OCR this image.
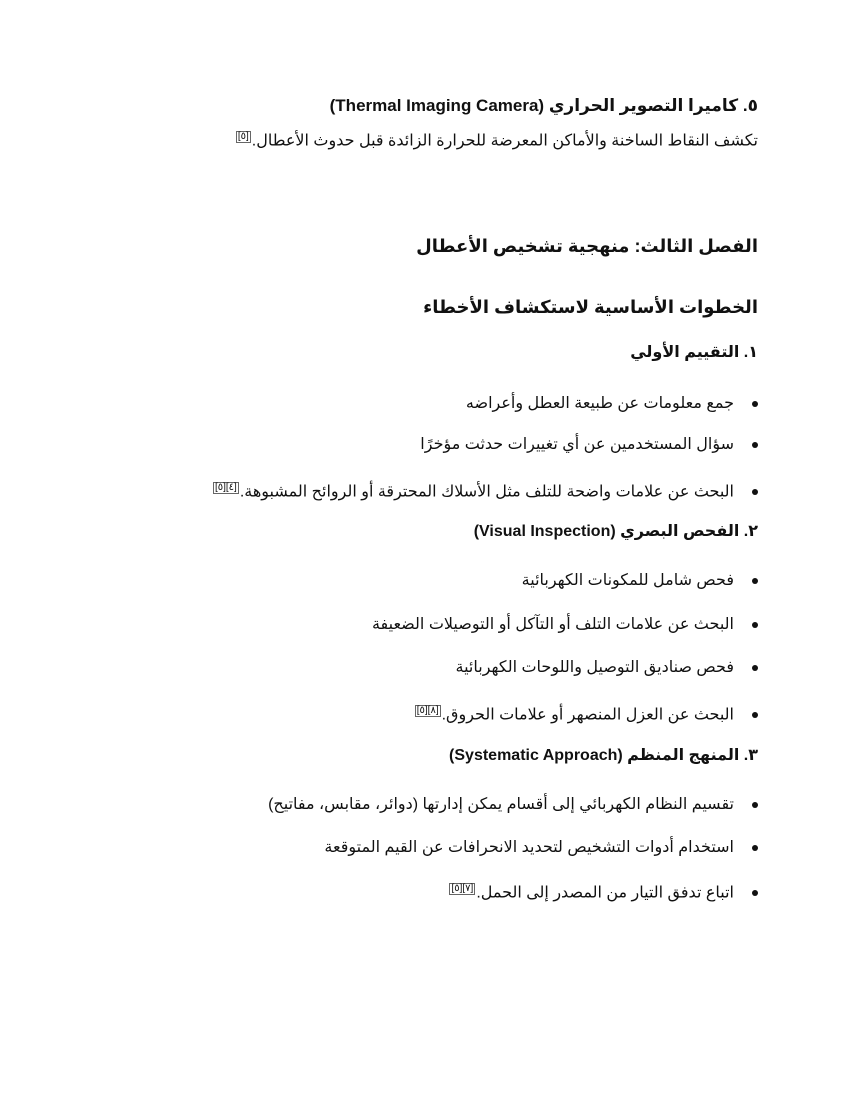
٥. كاميرا التصوير الحراري (Thermal Imaging Camera)
تكشف النقاط الساخنة والأماكن المعرضة للحرارة الزائدة قبل حدوث الأعطال.[٥]
الفصل الثالث: منهجية تشخيص الأعطال
الخطوات الأساسية لاستكشاف الأخطاء
١. التقييم الأولي
جمع معلومات عن طبيعة العطل وأعراضه
سؤال المستخدمين عن أي تغييرات حدثت مؤخرًا
البحث عن علامات واضحة للتلف مثل الأسلاك المحترقة أو الروائح المشبوهة.[٤][٥]
٢. الفحص البصري (Visual Inspection)
فحص شامل للمكونات الكهربائية
البحث عن علامات التلف أو التآكل أو التوصيلات الضعيفة
فحص صناديق التوصيل واللوحات الكهربائية
البحث عن العزل المنصهر أو علامات الحروق.[٨][٥]
٣. المنهج المنظم (Systematic Approach)
تقسيم النظام الكهربائي إلى أقسام يمكن إدارتها (دوائر، مقابس، مفاتيح)
استخدام أدوات التشخيص لتحديد الانحرافات عن القيم المتوقعة
اتباع تدفق التيار من المصدر إلى الحمل.[٧][٥]
